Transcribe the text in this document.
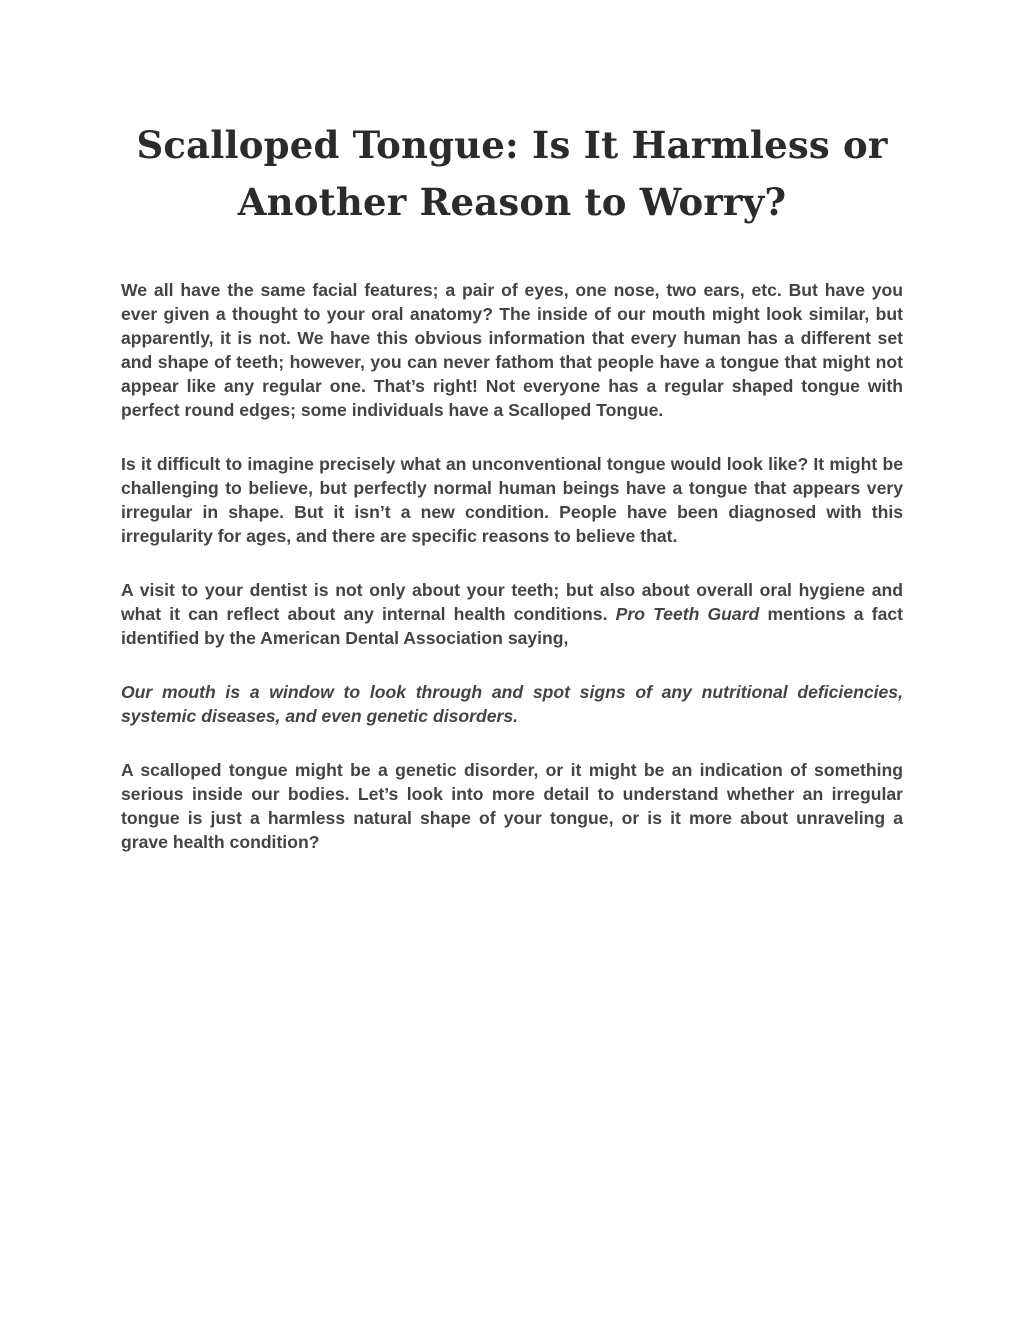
Scalloped Tongue: Is It Harmless or Another Reason to Worry?

We all have the same facial features; a pair of eyes, one nose, two ears, etc. But have you ever given a thought to your oral anatomy? The inside of our mouth might look similar, but apparently, it is not. We have this obvious information that every human has a different set and shape of teeth; however, you can never fathom that people have a tongue that might not appear like any regular one. That’s right! Not everyone has a regular shaped tongue with perfect round edges; some individuals have a Scalloped Tongue.

Is it difficult to imagine precisely what an unconventional tongue would look like? It might be challenging to believe, but perfectly normal human beings have a tongue that appears very irregular in shape. But it isn’t a new condition. People have been diagnosed with this irregularity for ages, and there are specific reasons to believe that.

A visit to your dentist is not only about your teeth; but also about overall oral hygiene and what it can reflect about any internal health conditions. Pro Teeth Guard mentions a fact identified by the American Dental Association saying,

Our mouth is a window to look through and spot signs of any nutritional deficiencies, systemic diseases, and even genetic disorders.

A scalloped tongue might be a genetic disorder, or it might be an indication of something serious inside our bodies. Let’s look into more detail to understand whether an irregular tongue is just a harmless natural shape of your tongue, or is it more about unraveling a grave health condition?
